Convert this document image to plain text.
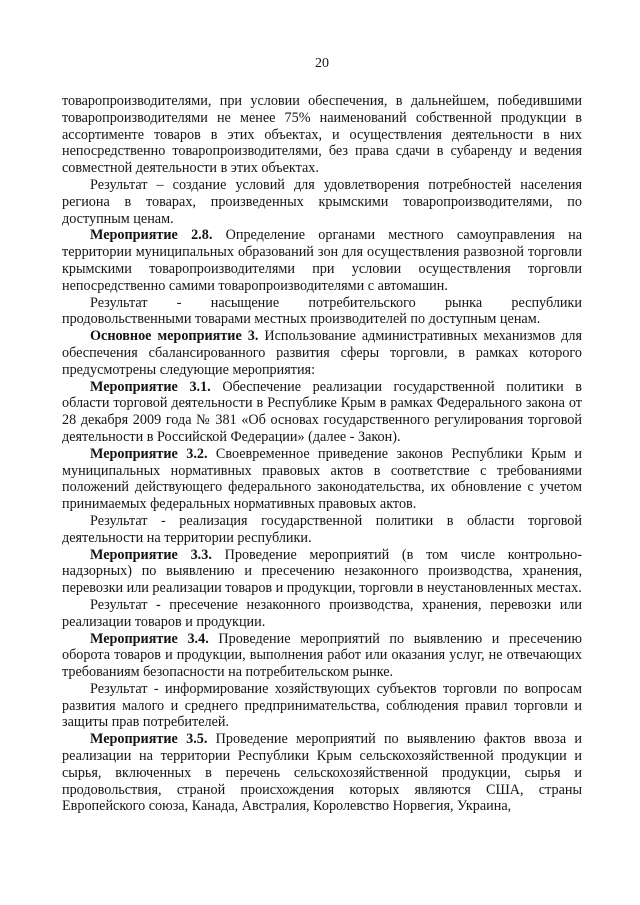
20

товаропроизводителями, при условии обеспечения, в дальнейшем, победившими товаропроизводителями не менее 75% наименований собственной продукции в ассортименте товаров в этих объектах, и осуществления деятельности в них непосредственно товаропроизводителями, без права сдачи в субаренду и ведения совместной деятельности в этих объектах.

Результат – создание условий для удовлетворения потребностей населения региона в товарах, произведенных крымскими товаропроизводителями, по доступным ценам.

Мероприятие 2.8. Определение органами местного самоуправления на территории муниципальных образований зон для осуществления развозной торговли крымскими товаропроизводителями при условии осуществления торговли непосредственно самими товаропроизводителями с автомашин.

Результат - насыщение потребительского рынка республики продовольственными товарами местных производителей по доступным ценам.

Основное мероприятие 3. Использование административных механизмов для обеспечения сбалансированного развития сферы торговли, в рамках которого предусмотрены следующие мероприятия:

Мероприятие 3.1. Обеспечение реализации государственной политики в области торговой деятельности в Республике Крым в рамках Федерального закона от 28 декабря 2009 года № 381 «Об основах государственного регулирования торговой деятельности в Российской Федерации» (далее - Закон).

Мероприятие 3.2. Своевременное приведение законов Республики Крым и муниципальных нормативных правовых актов в соответствие с требованиями положений действующего федерального законодательства, их обновление с учетом принимаемых федеральных нормативных правовых актов.

Результат - реализация государственной политики в области торговой деятельности на территории республики.

Мероприятие 3.3. Проведение мероприятий (в том числе контрольно-надзорных) по выявлению и пресечению незаконного производства, хранения, перевозки или реализации товаров и продукции, торговли в неустановленных местах.

Результат - пресечение незаконного производства, хранения, перевозки или реализации товаров и продукции.

Мероприятие 3.4. Проведение мероприятий по выявлению и пресечению оборота товаров и продукции, выполнения работ или оказания услуг, не отвечающих требованиям безопасности на потребительском рынке.

Результат - информирование хозяйствующих субъектов торговли по вопросам развития малого и среднего предпринимательства, соблюдения правил торговли и защиты прав потребителей.

Мероприятие 3.5. Проведение мероприятий по выявлению фактов ввоза и реализации на территории Республики Крым сельскохозяйственной продукции и сырья, включенных в перечень сельскохозяйственной продукции, сырья и продовольствия, страной происхождения которых являются США, страны Европейского союза, Канада, Австралия, Королевство Норвегия, Украина,
